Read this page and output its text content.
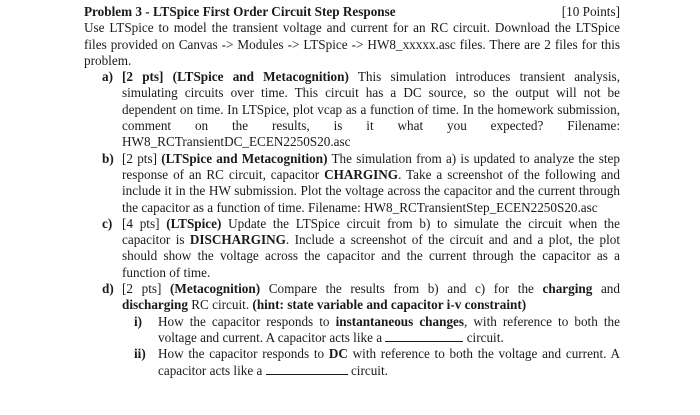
Problem 3 - LTSpice First Order Circuit Step Response	[10 Points]
Use LTSpice to model the transient voltage and current for an RC circuit. Download the LTSpice files provided on Canvas -> Modules -> LTSpice -> HW8_xxxxx.asc files. There are 2 files for this problem.
a) [2 pts] (LTSpice and Metacognition) This simulation introduces transient analysis, simulating circuits over time. This circuit has a DC source, so the output will not be dependent on time. In LTSpice, plot vcap as a function of time. In the homework submission, comment on the results, is it what you expected? Filename: HW8_RCTransientDC_ECEN2250S20.asc
b) [2 pts] (LTSpice and Metacognition) The simulation from a) is updated to analyze the step response of an RC circuit, capacitor CHARGING. Take a screenshot of the following and include it in the HW submission. Plot the voltage across the capacitor and the current through the capacitor as a function of time. Filename: HW8_RCTransientStep_ECEN2250S20.asc
c) [4 pts] (LTSpice) Update the LTSpice circuit from b) to simulate the circuit when the capacitor is DISCHARGING. Include a screenshot of the circuit and and a plot, the plot should show the voltage across the capacitor and the current through the capacitor as a function of time.
d) [2 pts] (Metacognition) Compare the results from b) and c) for the charging and discharging RC circuit. (hint: state variable and capacitor i-v constraint)
i) How the capacitor responds to instantaneous changes, with reference to both the voltage and current. A capacitor acts like a	circuit.
ii) How the capacitor responds to DC with reference to both the voltage and current. A capacitor acts like a	circuit.
